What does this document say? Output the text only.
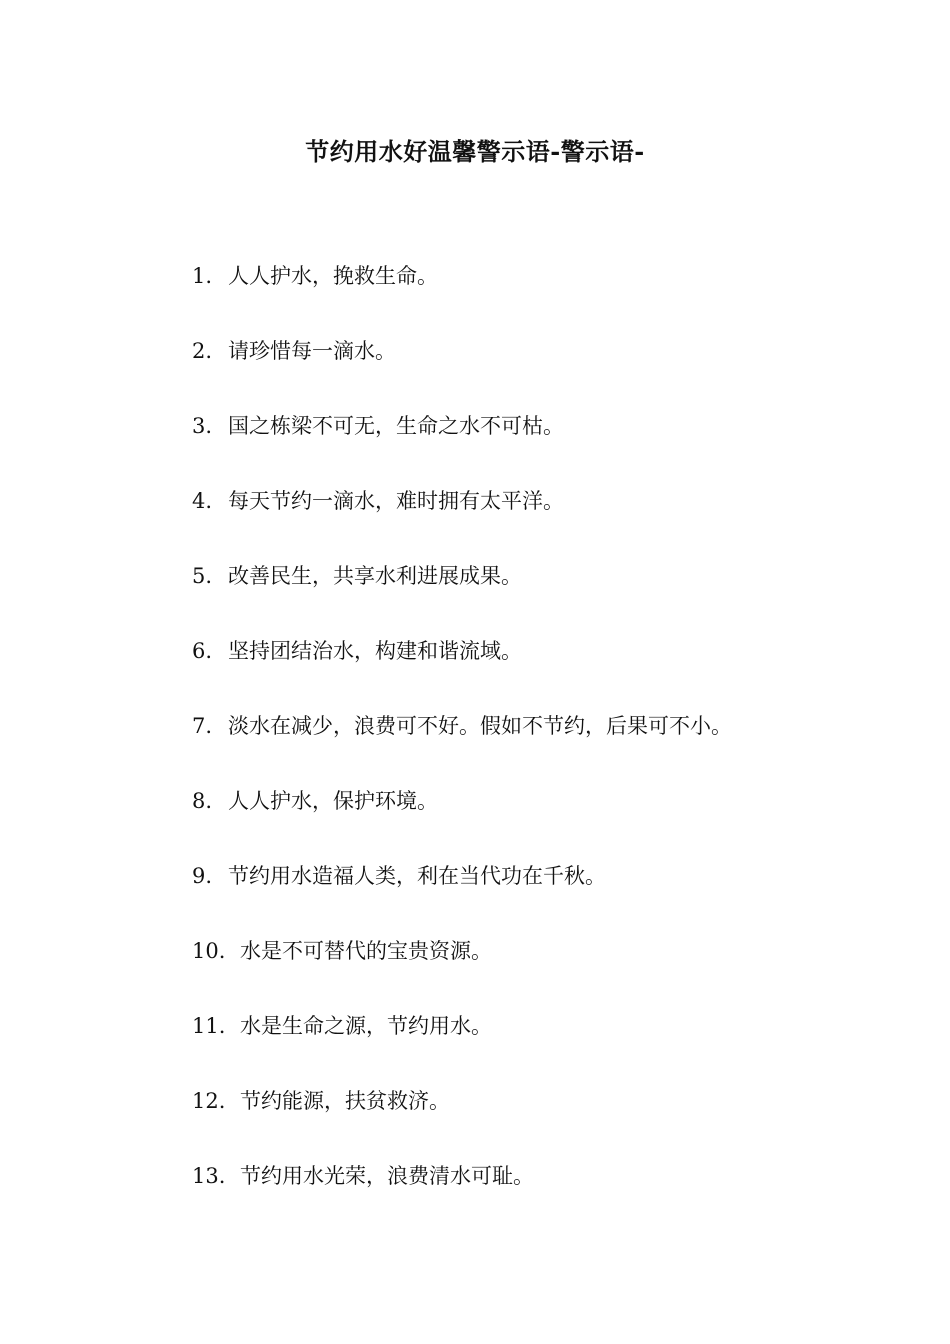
节约用水好温馨警示语-警示语-
1. 人人护水，挽救生命。
2. 请珍惜每一滴水。
3. 国之栋梁不可无，生命之水不可枯。
4. 每天节约一滴水，难时拥有太平洋。
5. 改善民生，共享水利进展成果。
6. 坚持团结治水，构建和谐流域。
7. 淡水在减少，浪费可不好。假如不节约，后果可不小。
8. 人人护水，保护环境。
9. 节约用水造福人类，利在当代功在千秋。
10. 水是不可替代的宝贵资源。
11. 水是生命之源，节约用水。
12. 节约能源，扶贫救济。
13. 节约用水光荣，浪费清水可耻。
